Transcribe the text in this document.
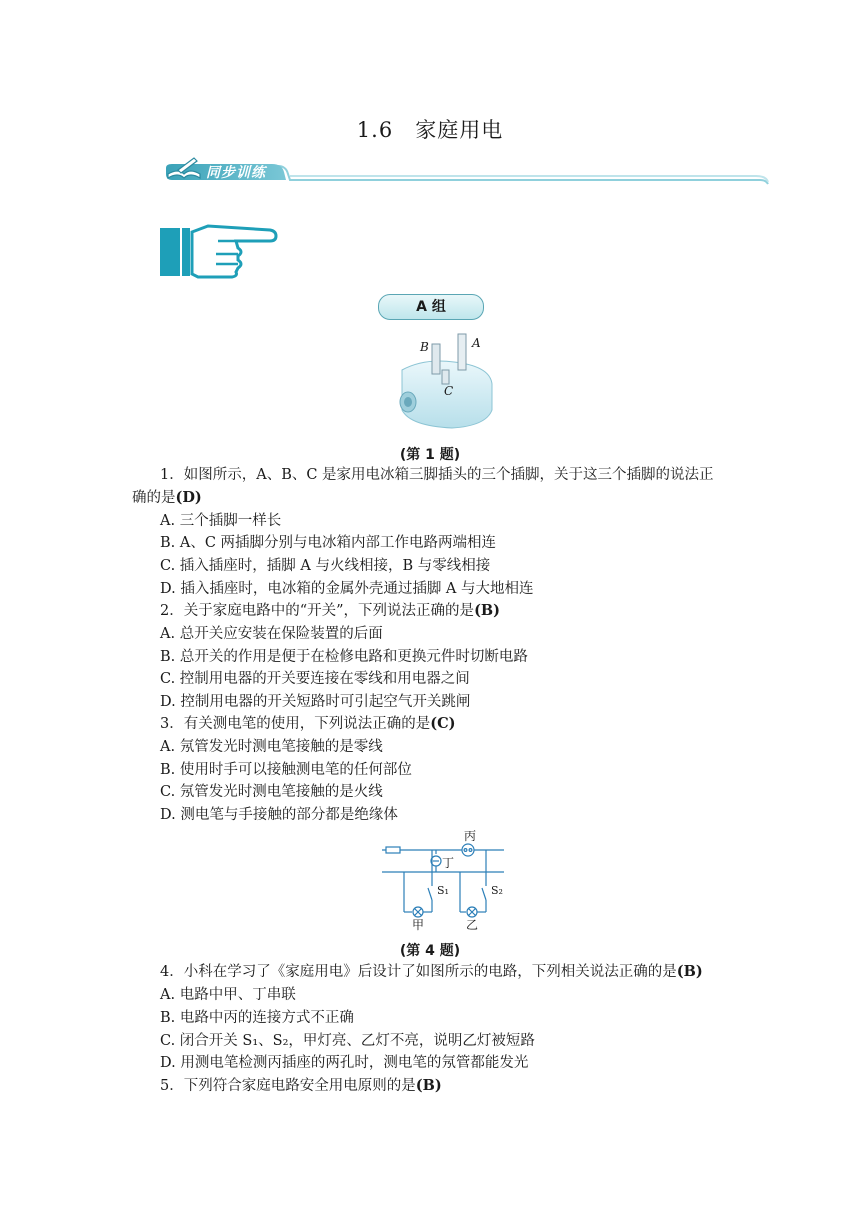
1.6 家庭用电
同步训练
A 组
B	A
C
(第 1 题)
1．如图所示，A、B、C 是家用电冰箱三脚插头的三个插脚，关于这三个插脚的说法正
确的是(D)
A. 三个插脚一样长
B. A、C 两插脚分别与电冰箱内部工作电路两端相连
C. 插入插座时，插脚 A 与火线相接，B 与零线相接
D. 插入插座时，电冰箱的金属外壳通过插脚 A 与大地相连
2．关于家庭电路中的“开关”，下列说法正确的是(B)
A. 总开关应安装在保险装置的后面
B. 总开关的作用是便于在检修电路和更换元件时切断电路
C. 控制用电器的开关要连接在零线和用电器之间
D. 控制用电器的开关短路时可引起空气开关跳闸
3．有关测电笔的使用，下列说法正确的是(C)
A. 氖管发光时测电笔接触的是零线
B. 使用时手可以接触测电笔的任何部位
C. 氖管发光时测电笔接触的是火线
D. 测电笔与手接触的部分都是绝缘体
丙
丁
S₁	S₂
甲	乙
(第 4 题)
4．小科在学习了《家庭用电》后设计了如图所示的电路，下列相关说法正确的是(B)
A. 电路中甲、丁串联
B. 电路中丙的连接方式不正确
C. 闭合开关 S₁、S₂，甲灯亮、乙灯不亮，说明乙灯被短路
D. 用测电笔检测丙插座的两孔时，测电笔的氖管都能发光
5．下列符合家庭电路安全用电原则的是(B)
